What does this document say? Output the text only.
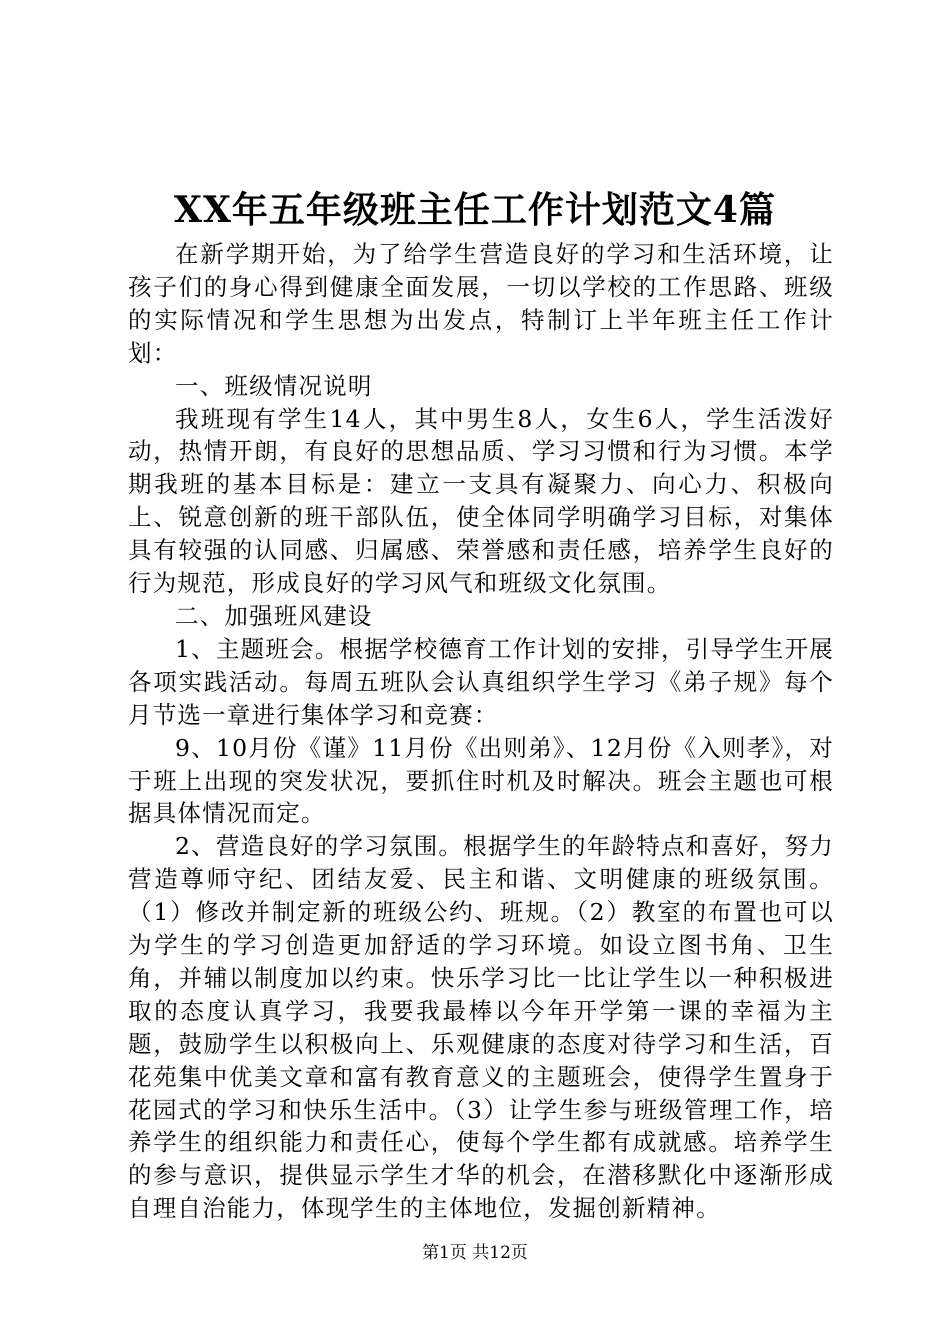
XX年五年级班主任工作计划范文4篇

在新学期开始，为了给学生营造良好的学习和生活环境，让孩子们的身心得到健康全面发展，一切以学校的工作思路、班级的实际情况和学生思想为出发点，特制订上半年班主任工作计划：

一、班级情况说明

我班现有学生14人，其中男生8人，女生6人，学生活泼好动，热情开朗，有良好的思想品质、学习习惯和行为习惯。本学期我班的基本目标是：建立一支具有凝聚力、向心力、积极向上、锐意创新的班干部队伍，使全体同学明确学习目标，对集体具有较强的认同感、归属感、荣誉感和责任感，培养学生良好的行为规范，形成良好的学习风气和班级文化氛围。

二、加强班风建设

1、主题班会。根据学校德育工作计划的安排，引导学生开展各项实践活动。每周五班队会认真组织学生学习《弟子规》每个月节选一章进行集体学习和竞赛：

9、10月份《谨》11月份《出则弟》、12月份《入则孝》，对于班上出现的突发状况，要抓住时机及时解决。班会主题也可根据具体情况而定。

2、营造良好的学习氛围。根据学生的年龄特点和喜好，努力营造尊师守纪、团结友爱、民主和谐、文明健康的班级氛围。（1）修改并制定新的班级公约、班规。（2）教室的布置也可以为学生的学习创造更加舒适的学习环境。如设立图书角、卫生角，并辅以制度加以约束。快乐学习比一比让学生以一种积极进取的态度认真学习，我要我最棒以今年开学第一课的幸福为主题，鼓励学生以积极向上、乐观健康的态度对待学习和生活，百花苑集中优美文章和富有教育意义的主题班会，使得学生置身于花园式的学习和快乐生活中。（3）让学生参与班级管理工作，培养学生的组织能力和责任心，使每个学生都有成就感。培养学生的参与意识，提供显示学生才华的机会，在潜移默化中逐渐形成自理自治能力，体现学生的主体地位，发掘创新精神。

第1页 共12页
